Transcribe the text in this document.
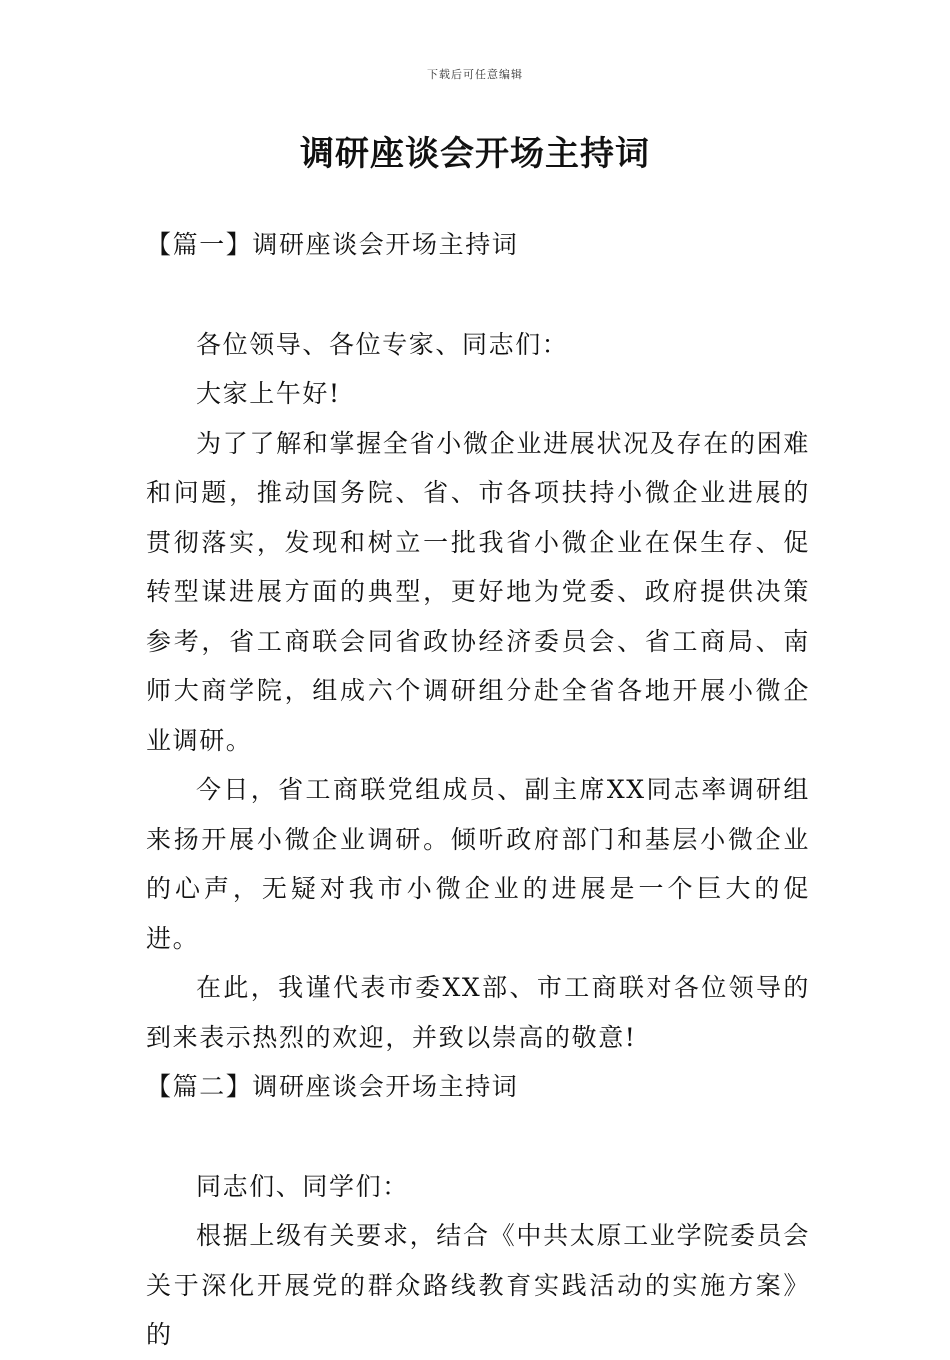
下载后可任意编辑
调研座谈会开场主持词

【篇一】调研座谈会开场主持词

各位领导、各位专家、同志们：

大家上午好!

为了了解和掌握全省小微企业进展状况及存在的困难和问题，推动国务院、省、市各项扶持小微企业进展的贯彻落实，发现和树立一批我省小微企业在保生存、促转型谋进展方面的典型，更好地为党委、政府提供决策参考，省工商联会同省政协经济委员会、省工商局、南师大商学院，组成六个调研组分赴全省各地开展小微企业调研。

今日，省工商联党组成员、副主席XX同志率调研组来扬开展小微企业调研。倾听政府部门和基层小微企业的心声，无疑对我市小微企业的进展是一个巨大的促进。

在此，我谨代表市委XX部、市工商联对各位领导的到来表示热烈的欢迎，并致以崇高的敬意!

【篇二】调研座谈会开场主持词

同志们、同学们：

根据上级有关要求，结合《中共太原工业学院委员会关于深化开展党的群众路线教育实践活动的实施方案》的
